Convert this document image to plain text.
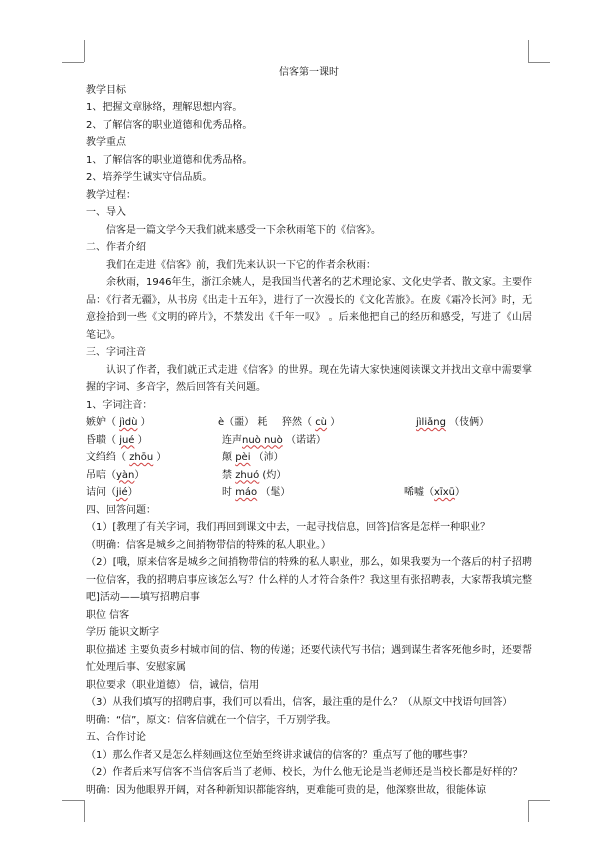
信客第一课时
教学目标
1、把握文章脉络，理解思想内容。
2、了解信客的职业道德和优秀品格。
教学重点
1、了解信客的职业道德和优秀品格。
2、培养学生诚实守信品质。
教学过程：
一、导入
信客是一篇文学今天我们就来感受一下余秋雨笔下的《信客》。
二、作者介绍
我们在走进《信客》前，我们先来认识一下它的作者余秋雨：
余秋雨，1946年生，浙江余姚人，是我国当代著名的艺术理论家、文化史学者、散文家。主要作品：《行者无疆》，从书房《出走十五年》，进行了一次漫长的《文化苦旅》。在废《霜冷长河》时，无意捡拾到一些《文明的碎片》，不禁发出《千年一叹》 。后来他把自己的经历和感受，写进了《山居笔记》。
三、字词注音
认识了作者，我们就正式走进《信客》的世界。现在先请大家快速阅读课文并找出文章中需要掌握的字词、多音字，然后回答有关问题。
1、字词注音：
嫉妒（ jìdù ）	è（噩） 耗 猝然（ cù ）	jìliǎng （伎俩）
昏聩（ jué ）	连声nuò nuò （诺诺）
文绉绉（ zhōu ）	颠 pèi （沛）
吊唁（yàn）	禁 zhuó (灼）
诘问（jié）	时 máo （髦）	唏嘘（xīxū）
四、回答问题：
（1）[教理了有关字词，我们再回到课文中去，一起寻找信息，回答]信客是怎样一种职业？
（明确：信客是城乡之间捎物带信的特殊的私人职业。）
（2）[哦，原来信客是城乡之间捎物带信的特殊的私人职业，那么，如果我要为一个落后的村子招聘一位信客，我的招聘启事应该怎么写？什么样的人才符合条件？我这里有张招聘表，大家帮我填完整吧]活动——填写招聘启事
职位 信客
学历 能识文断字
职位描述 主要负责乡村城市间的信、物的传递；还要代读代写书信；遇到谋生者客死他乡时，还要帮忙处理后事、安慰家属
职位要求（职业道德） 信，诚信，信用
（3）从我们填写的招聘启事，我们可以看出，信客，最注重的是什么？（从原文中找语句回答）
明确：“信”，原文：信客信就在一个信字，千万别学我。
五、合作讨论
（1）那么作者又是怎么样刻画这位至始至终讲求诚信的信客的？重点写了他的哪些事？
（2）作者后来写信客不当信客后当了老师、校长，为什么他无论是当老师还是当校长都是好样的？
明确：因为他眼界开阔，对各种新知识都能容纳，更难能可贵的是，他深察世故，很能体谅
